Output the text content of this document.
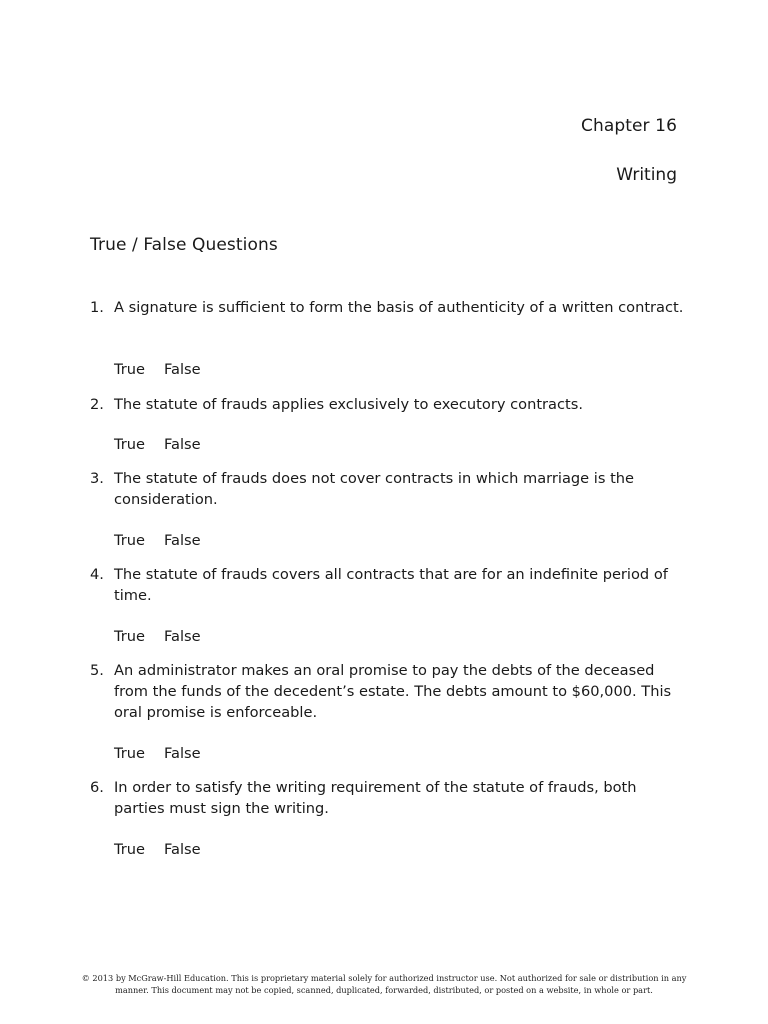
Chapter 16
Writing
True / False Questions
1. A signature is sufficient to form the basis of authenticity of a written contract.
True False
2. The statute of frauds applies exclusively to executory contracts.
True False
3. The statute of frauds does not cover contracts in which marriage is the consideration.
True False
4. The statute of frauds covers all contracts that are for an indefinite period of time.
True False
5. An administrator makes an oral promise to pay the debts of the deceased from the funds of the decedent’s estate. The debts amount to $60,000. This oral promise is enforceable.
True False
6. In order to satisfy the writing requirement of the statute of frauds, both parties must sign the writing.
True False
© 2013 by McGraw-Hill Education. This is proprietary material solely for authorized instructor use. Not authorized for sale or distribution in any manner. This document may not be copied, scanned, duplicated, forwarded, distributed, or posted on a website, in whole or part.
